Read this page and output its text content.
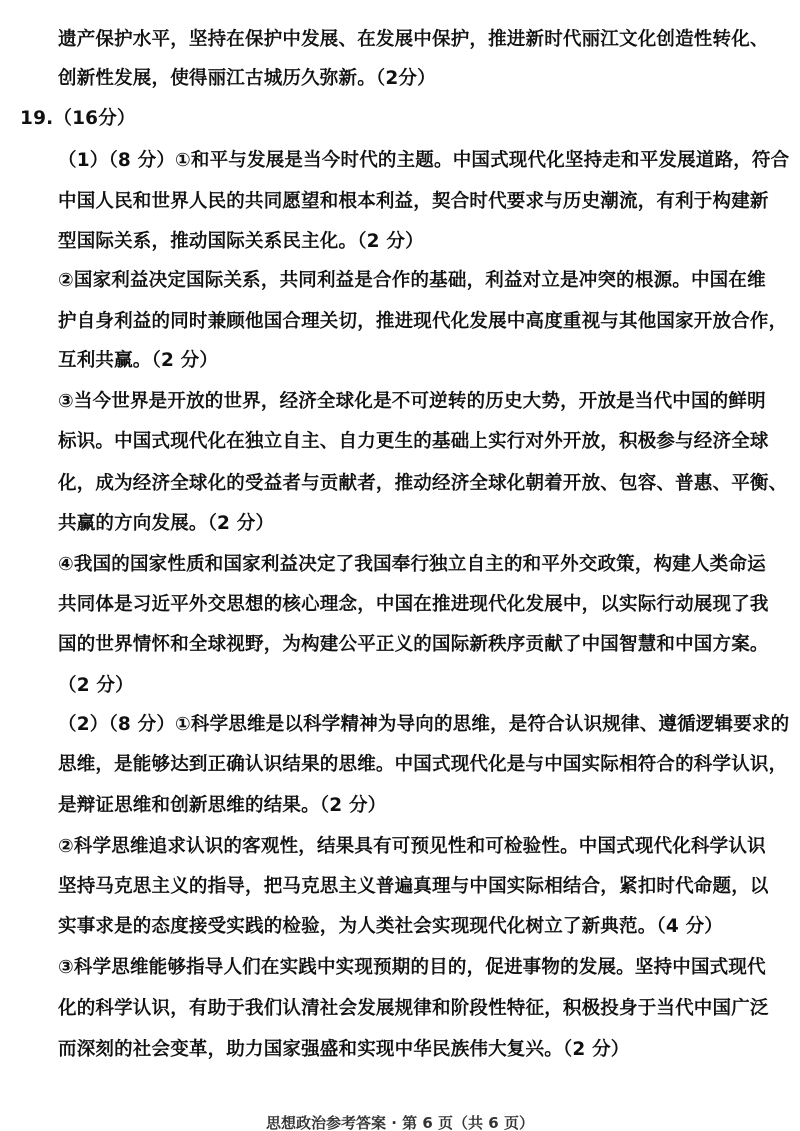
遗产保护水平，坚持在保护中发展、在发展中保护，推进新时代丽江文化创造性转化、
创新性发展，使得丽江古城历久弥新。（2分）
19.（16分）
（1）（8 分）①和平与发展是当今时代的主题。中国式现代化坚持走和平发展道路，符合
中国人民和世界人民的共同愿望和根本利益，契合时代要求与历史潮流，有利于构建新
型国际关系，推动国际关系民主化。（2 分）
②国家利益决定国际关系，共同利益是合作的基础，利益对立是冲突的根源。中国在维
护自身利益的同时兼顾他国合理关切，推进现代化发展中高度重视与其他国家开放合作，
互利共赢。（2 分）
③当今世界是开放的世界，经济全球化是不可逆转的历史大势，开放是当代中国的鲜明
标识。中国式现代化在独立自主、自力更生的基础上实行对外开放，积极参与经济全球
化，成为经济全球化的受益者与贡献者，推动经济全球化朝着开放、包容、普惠、平衡、
共赢的方向发展。（2 分）
④我国的国家性质和国家利益决定了我国奉行独立自主的和平外交政策，构建人类命运
共同体是习近平外交思想的核心理念，中国在推进现代化发展中，以实际行动展现了我
国的世界情怀和全球视野，为构建公平正义的国际新秩序贡献了中国智慧和中国方案。
（2 分）
（2）（8 分）①科学思维是以科学精神为导向的思维，是符合认识规律、遵循逻辑要求的
思维，是能够达到正确认识结果的思维。中国式现代化是与中国实际相符合的科学认识，
是辩证思维和创新思维的结果。（2 分）
②科学思维追求认识的客观性，结果具有可预见性和可检验性。中国式现代化科学认识
坚持马克思主义的指导，把马克思主义普遍真理与中国实际相结合，紧扣时代命题，以
实事求是的态度接受实践的检验，为人类社会实现现代化树立了新典范。（4 分）
③科学思维能够指导人们在实践中实现预期的目的，促进事物的发展。坚持中国式现代
化的科学认识，有助于我们认清社会发展规律和阶段性特征，积极投身于当代中国广泛
而深刻的社会变革，助力国家强盛和实现中华民族伟大复兴。（2 分）
思想政治参考答案 · 第 6 页（共 6 页）
